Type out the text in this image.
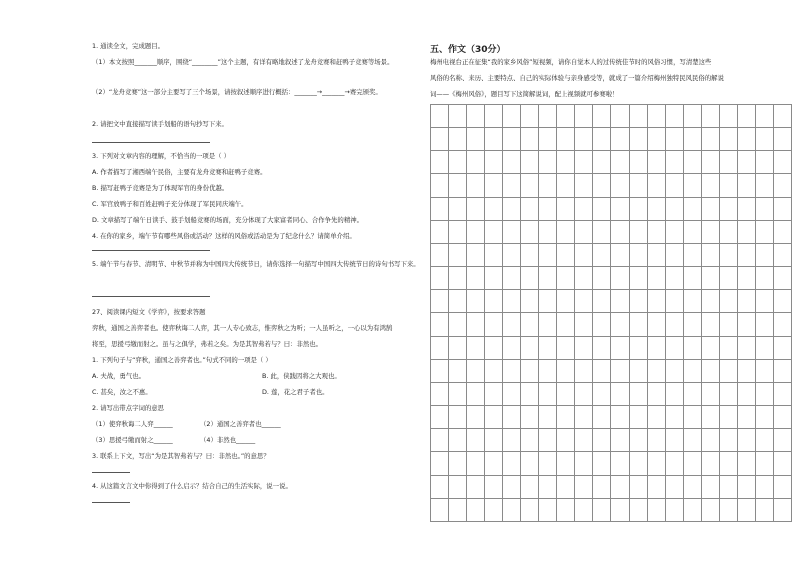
1. 通读全文，完成题目。
（1）本文按照_______顺序，围绕“________”这个主题，有详有略地叙述了龙舟竞赛和赶鸭子竞赛等场景。
（2）“龙舟竞赛”这一部分主要写了三个场景，请按叙述顺序进行概括：_______→_______→赛完颁奖。
2. 请把文中直接描写读手划船的语句抄写下来。
3. 下列对文章内容的理解，不恰当的一项是（ ）
A. 作者描写了湘西端午民俗，主要有龙舟竞赛和赶鸭子竞赛。
B. 描写赶鸭子竞赛是为了体现军官的身份优越。
C. 军官放鸭子和百姓赶鸭子充分体现了军民同庆端午。
D. 文章描写了端午日读手、鼓手划船竞赛的场面，充分体现了大家富者同心、合作争先的精神。
4. 在你的家乡，端午节有哪些风俗或活动？这样的风俗或活动是为了纪念什么？请简单介绍。
5. 端午节与春节、清明节、中秋节并称为中国四大传统节日，请你选择一句描写中国四大传统节日的诗句书写下来。
27、阅读课内短文《学弈》，按要求答题
弈秋，通国之善弈者也。使弈秋诲二人弈，其一人专心致志，惟弈秋之为听；一人虽听之，一心以为有鸿鹄
将至，思援弓缴而射之。虽与之俱学，弗若之矣。为是其智弗若与？曰：非然也。
1. 下列句子与“弈秋，通国之善弈者也。”句式不同的一项是（ ）
A. 夫战，勇气也。	B. 此，侠践因将之大观也。
C. 甚矣，汝之不惠。	D. 莲，花之君子者也。
2. 请写出带点字词的意思
（1）使弈秋诲二人弈______	（2）通国之善弈者也______
（3）思援弓缴而射之______	（4）非然也______
3. 联系上下文，写出“为是其智弗若与？曰：非然也。”的意思？
4. 从这篇文言文中你得到了什么启示？结合自己的生活实际，说一说。
五、作文（30分）
梅州电视台正在征集“我的家乡风俗”短视频，请你自觉本人的过传统佳节时的风俗习惯，写清楚这些
风俗的名称、来历、主要特点、自己的实际体验与亲身感受等，就成了一篇介绍梅州独特民风民俗的解说
词——《梅州风俗》，题目写下这简解说词，配上视频就可参赛啦！
